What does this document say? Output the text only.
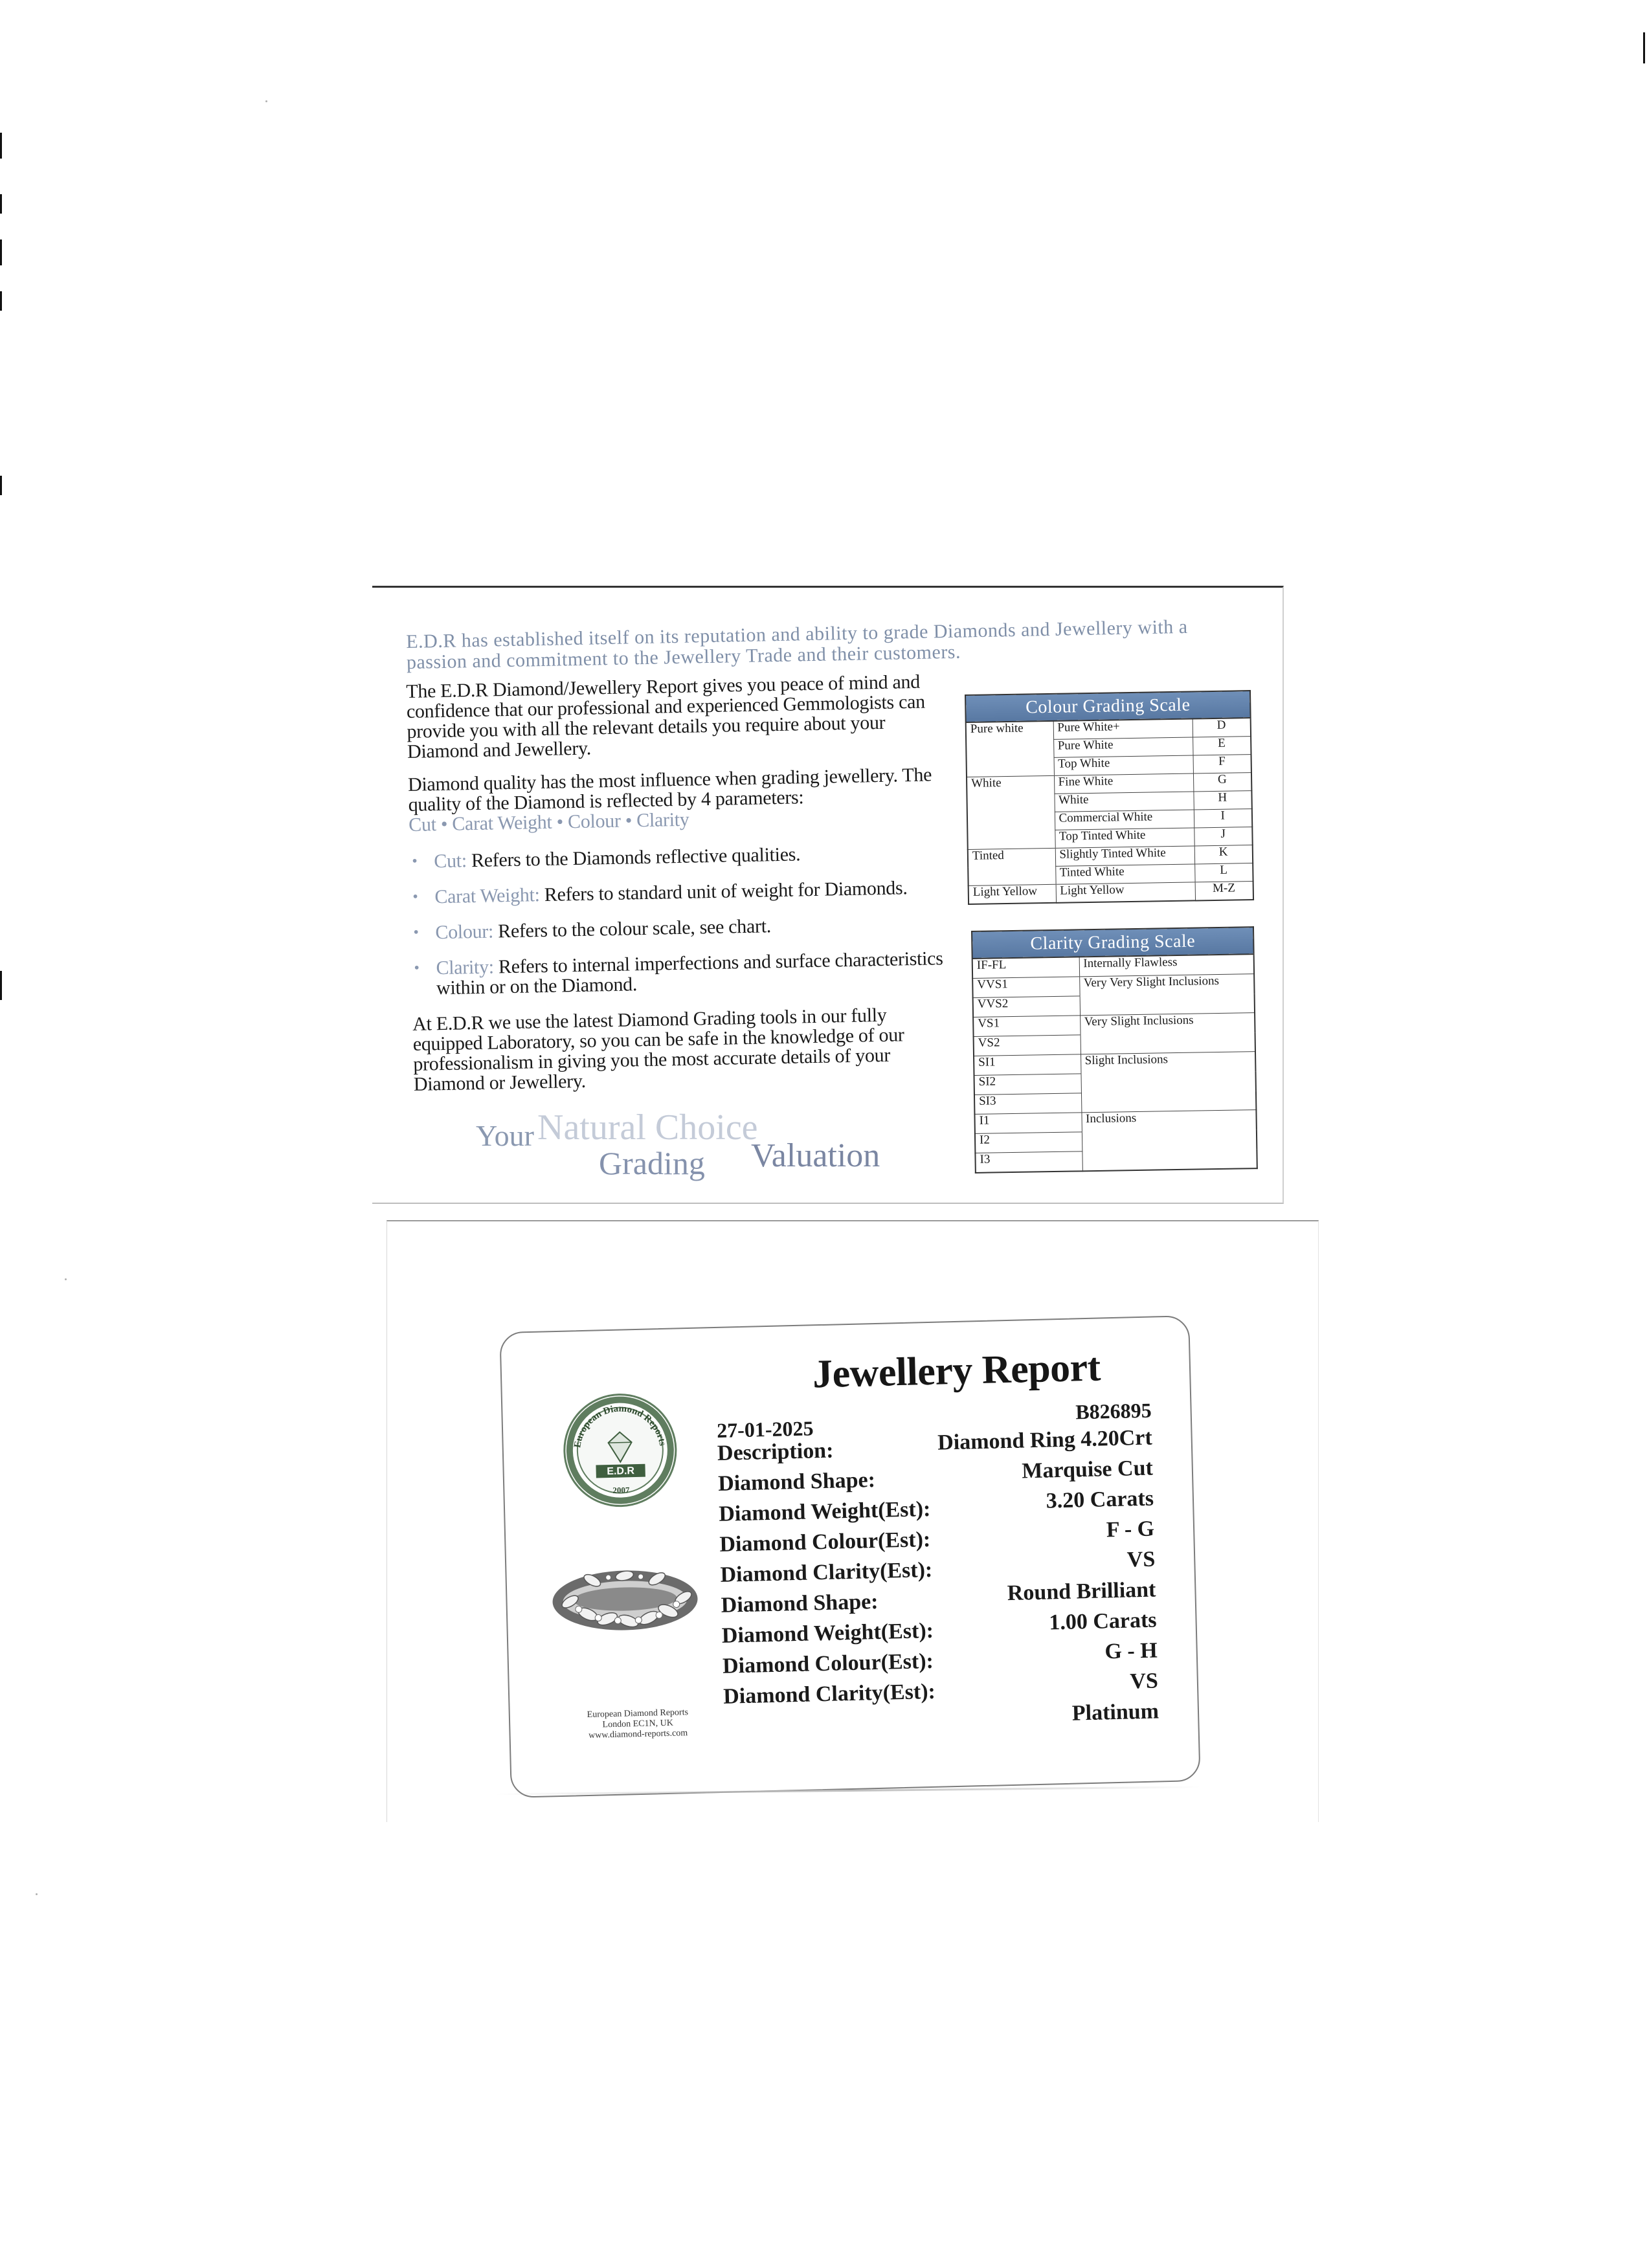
E.D.R has established itself on its reputation and ability to grade Diamonds and Jewellery with a passion and commitment to the Jewellery Trade and their customers.

The E.D.R Diamond/Jewellery Report gives you peace of mind and confidence that our professional and experienced Gemmologists can provide you with all the relevant details you require about your Diamond and Jewellery.

Diamond quality has the most influence when grading jewellery. The quality of the Diamond is reflected by 4 parameters:
Cut • Carat Weight • Colour • Clarity

• Cut: Refers to the Diamonds reflective qualities.
• Carat Weight: Refers to standard unit of weight for Diamonds.
• Colour: Refers to the colour scale, see chart.
• Clarity: Refers to internal imperfections and surface characteristics within or on the Diamond.

At E.D.R we use the latest Diamond Grading tools in our fully equipped Laboratory, so you can be safe in the knowledge of our professionalism in giving you the most accurate details of your Diamond or Jewellery.

Natural Choice
Your
Grading Valuation
Colour Grading Scale		
Pure white	Pure White+	D
	Pure White	E
	Top White	F
White	Fine White	G
	White	H
	Commercial White	I
	Top Tinted White	J
Tinted	Slightly Tinted White	K
	Tinted White	L
Light Yellow	Light Yellow	M-Z
Clarity Grading Scale	
IF-FL	Internally Flawless
VVS1	Very Very Slight Inclusions
VVS2	
VS1	Very Slight Inclusions
VS2	
SI1	Slight Inclusions
SI2	
SI3	
I1	Inclusions
I2	
I3	
Jewellery Report
European Diamond Reports
E.D.R
2007
European Diamond Reports
London EC1N, UK
www.diamond-reports.com
27-01-2025
B826895
Description:	Diamond Ring 4.20Crt
Diamond Shape:	Marquise Cut
Diamond Weight(Est):	3.20 Carats
Diamond Colour(Est):	F - G
Diamond Clarity(Est):	VS
Diamond Shape:	Round Brilliant
Diamond Weight(Est):	1.00 Carats
Diamond Colour(Est):	G - H
Diamond Clarity(Est):	VS
Platinum
